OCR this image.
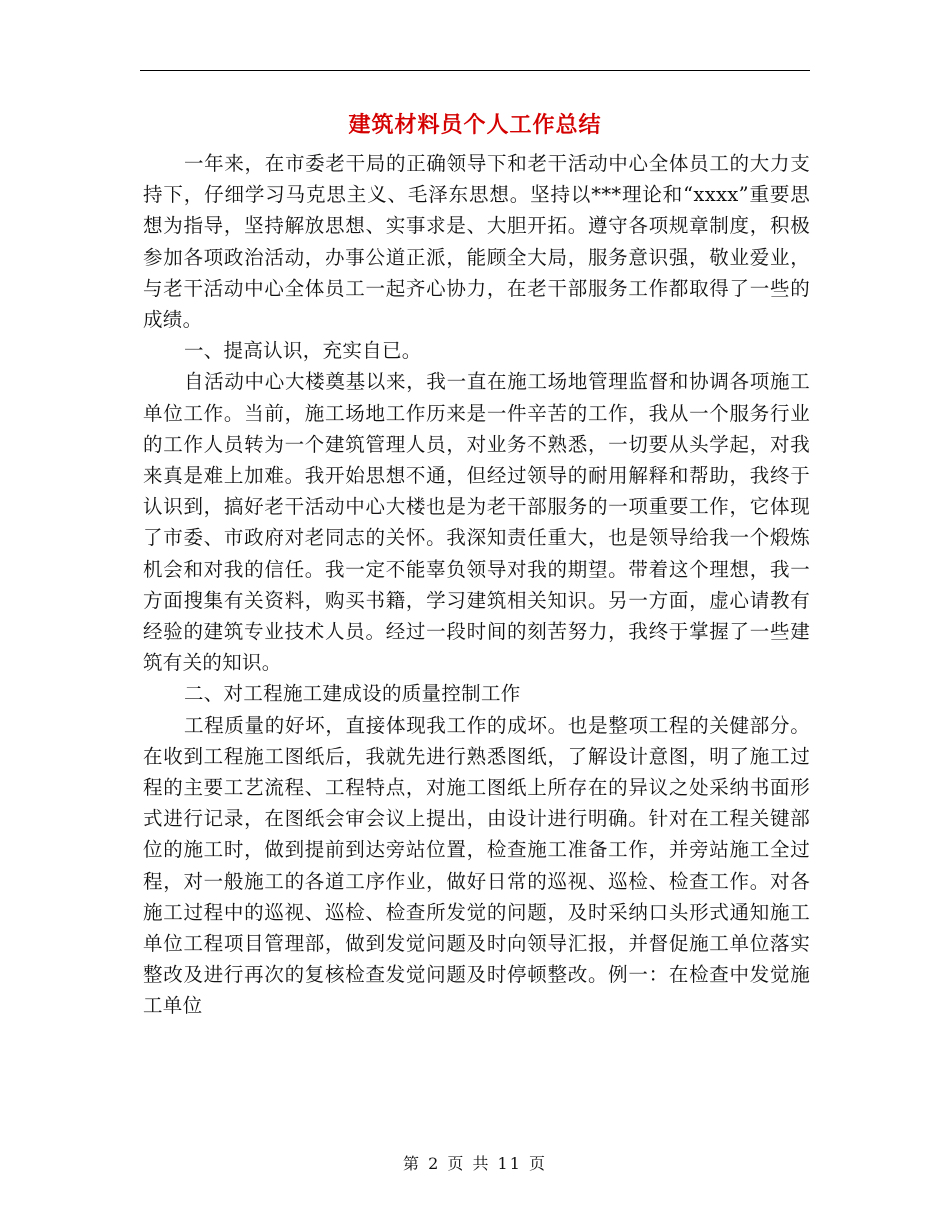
建筑材料员个人工作总结

一年来，在市委老干局的正确领导下和老干活动中心全体员工的大力支持下，仔细学习马克思主义、毛泽东思想。坚持以***理论和“xxxx”重要思想为指导，坚持解放思想、实事求是、大胆开拓。遵守各项规章制度，积极参加各项政治活动，办事公道正派，能顾全大局，服务意识强，敬业爱业，与老干活动中心全体员工一起齐心协力，在老干部服务工作都取得了一些的成绩。

一、提高认识，充实自已。

自活动中心大楼奠基以来，我一直在施工场地管理监督和协调各项施工单位工作。当前，施工场地工作历来是一件辛苦的工作，我从一个服务行业的工作人员转为一个建筑管理人员，对业务不熟悉，一切要从头学起，对我来真是难上加难。我开始思想不通，但经过领导的耐用解释和帮助，我终于认识到，搞好老干活动中心大楼也是为老干部服务的一项重要工作，它体现了市委、市政府对老同志的关怀。我深知责任重大，也是领导给我一个煅炼机会和对我的信任。我一定不能辜负领导对我的期望。带着这个理想，我一方面搜集有关资料，购买书籍，学习建筑相关知识。另一方面，虚心请教有经验的建筑专业技术人员。经过一段时间的刻苦努力，我终于掌握了一些建筑有关的知识。

二、对工程施工建成设的质量控制工作

工程质量的好坏，直接体现我工作的成坏。也是整项工程的关健部分。在收到工程施工图纸后，我就先进行熟悉图纸，了解设计意图，明了施工过程的主要工艺流程、工程特点，对施工图纸上所存在的异议之处采纳书面形式进行记录，在图纸会审会议上提出，由设计进行明确。针对在工程关键部位的施工时，做到提前到达旁站位置，检查施工准备工作，并旁站施工全过程，对一般施工的各道工序作业，做好日常的巡视、巡检、检查工作。对各施工过程中的巡视、巡检、检查所发觉的问题，及时采纳口头形式通知施工单位工程项目管理部，做到发觉问题及时向领导汇报，并督促施工单位落实整改及进行再次的复核检查发觉问题及时停顿整改。例一：在检查中发觉施工单位

第 2 页 共 11 页
